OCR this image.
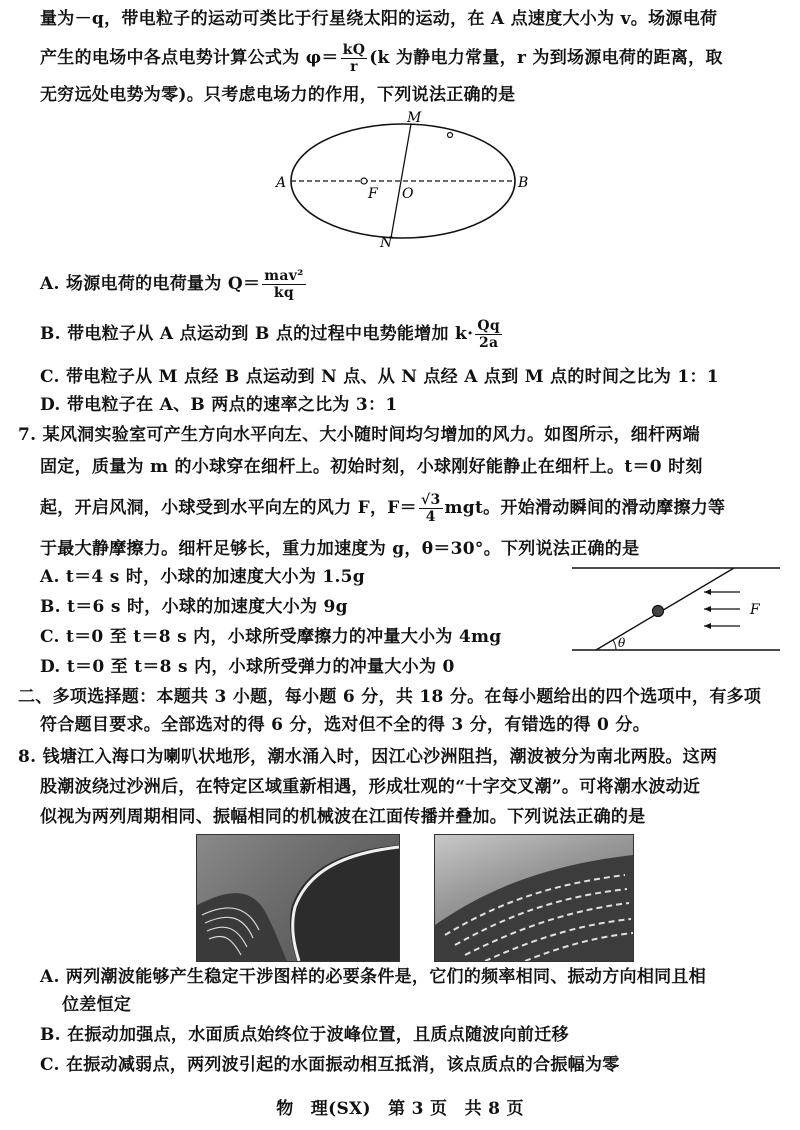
量为－q，带电粒子的运动可类比于行星绕太阳的运动，在 A 点速度大小为 v。场源电荷
产生的电场中各点电势计算公式为 $\varphi= \frac{kQ}{r} (k$ 为静电力常量，r 为到场源电荷的距离，取
无穷远处电势为零)。只考虑电场力的作用，下列说法正确的是
A	B
M
N
F O
A. 场源电荷的电荷量为 $Q= \frac{\text{mav²}}{kq}$
B. 带电粒子从 A 点运动到 B 点的过程中电势能增加 $k\cdot \frac{Qq}{2a}$
C. 带电粒子从 M 点经 B 点运动到 N 点、从 N 点经 A 点到 M 点的时间之比为 1：1
D. 带电粒子在 A、B 两点的速率之比为 3：1
7. 某风洞实验室可产生方向水平向左、大小随时间均匀增加的风力。如图所示，细杆两端
固定，质量为 m 的小球穿在细杆上。初始时刻，小球刚好能静止在细杆上。t＝0 时刻
起，开启风洞，小球受到水平向左的风力 F，$F= \frac{√3}{4}$ mgt。开始滑动瞬间的滑动摩擦力等
于最大静摩擦力。细杆足够长，重力加速度为 g，θ＝30°。下列说法正确的是
A. t＝4 s 时，小球的加速度大小为 1.5g
B. t＝6 s 时，小球的加速度大小为 9g
C. t＝0 至 t＝8 s 内，小球所受摩擦力的冲量大小为 4mg
D. t＝0 至 t＝8 s 内，小球所受弹力的冲量大小为 0
F
θ
二、多项选择题：本题共 3 小题，每小题 6 分，共 18 分。在每小题给出的四个选项中，有多项
符合题目要求。全部选对的得 6 分，选对但不全的得 3 分，有错选的得 0 分。
8. 钱塘江入海口为喇叭状地形，潮水涌入时，因江心沙洲阻挡，潮波被分为南北两股。这两
股潮波绕过沙洲后，在特定区域重新相遇，形成壮观的“十字交叉潮”。可将潮水波动近
似视为两列周期相同、振幅相同的机械波在江面传播并叠加。下列说法正确的是
A. 两列潮波能够产生稳定干涉图样的必要条件是，它们的频率相同、振动方向相同且相
位差恒定
B. 在振动加强点，水面质点始终位于波峰位置，且质点随波向前迁移
C. 在振动减弱点，两列波引起的水面振动相互抵消，该点质点的合振幅为零
物　理(SX)　第 3 页　共 8 页
